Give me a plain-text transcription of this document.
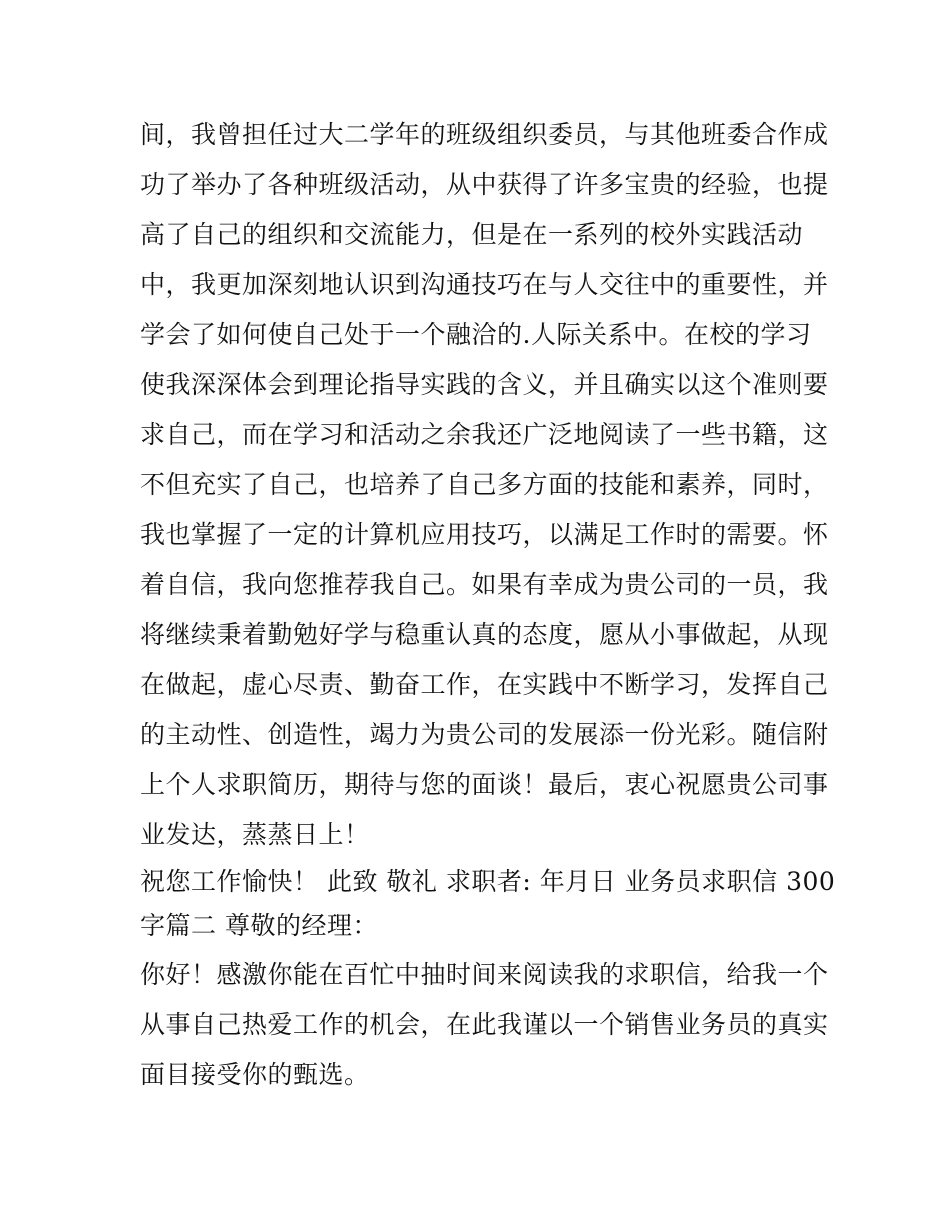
间，我曾担任过大二学年的班级组织委员，与其他班委合作成
功了举办了各种班级活动，从中获得了许多宝贵的经验，也提
高了自己的组织和交流能力，但是在一系列的校外实践活动
中，我更加深刻地认识到沟通技巧在与人交往中的重要性，并
学会了如何使自己处于一个融洽的.人际关系中。在校的学习
使我深深体会到理论指导实践的含义，并且确实以这个准则要
求自己，而在学习和活动之余我还广泛地阅读了一些书籍，这
不但充实了自己，也培养了自己多方面的技能和素养，同时，
我也掌握了一定的计算机应用技巧，以满足工作时的需要。怀
着自信，我向您推荐我自己。如果有幸成为贵公司的一员，我
将继续秉着勤勉好学与稳重认真的态度，愿从小事做起，从现
在做起，虚心尽责、勤奋工作，在实践中不断学习，发挥自己
的主动性、创造性，竭力为贵公司的发展添一份光彩。随信附
上个人求职简历，期待与您的面谈！最后，衷心祝愿贵公司事
业发达，蒸蒸日上！
祝您工作愉快！ 此致 敬礼 求职者: 年月日 业务员求职信 300
字篇二 尊敬的经理：
你好！感激你能在百忙中抽时间来阅读我的求职信，给我一个
从事自己热爱工作的机会，在此我谨以一个销售业务员的真实
面目接受你的甄选。
